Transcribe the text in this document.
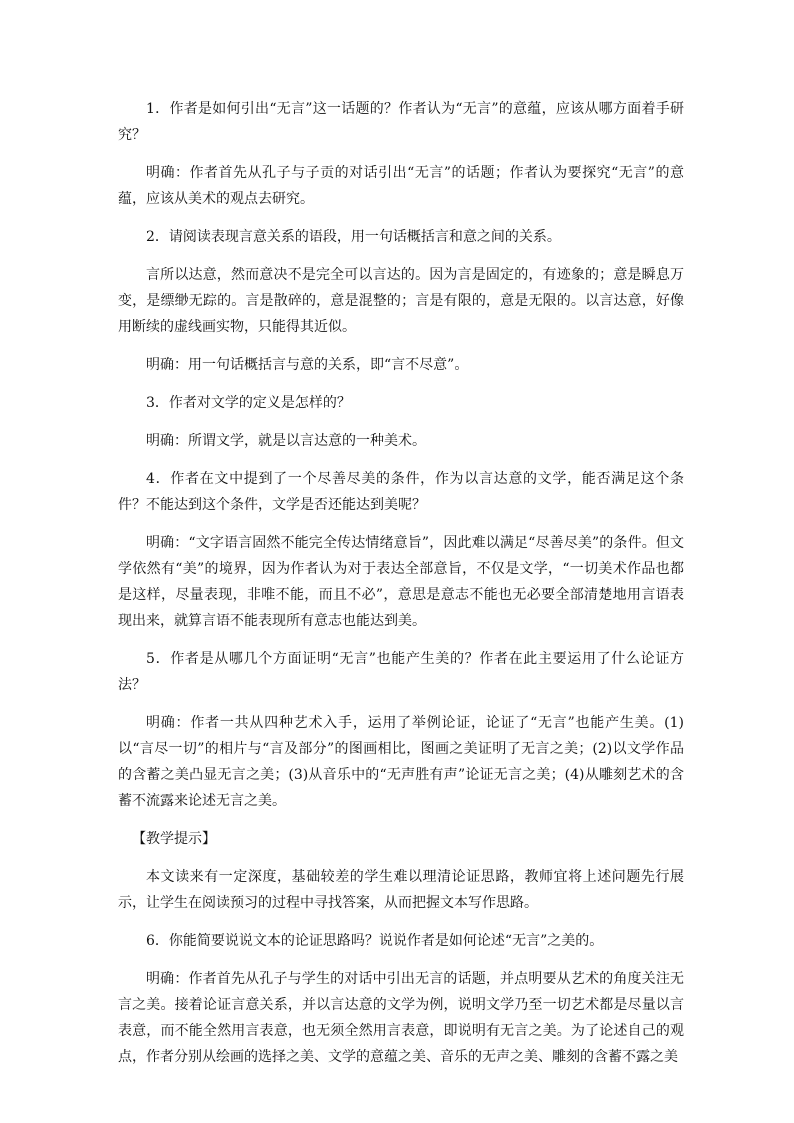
1．作者是如何引出“无言”这一话题的？作者认为“无言”的意蕴，应该从哪方面着手研究？

明确：作者首先从孔子与子贡的对话引出“无言”的话题；作者认为要探究“无言”的意蕴，应该从美术的观点去研究。

2．请阅读表现言意关系的语段，用一句话概括言和意之间的关系。

言所以达意，然而意决不是完全可以言达的。因为言是固定的，有迹象的；意是瞬息万变，是缥缈无踪的。言是散碎的，意是混整的；言是有限的，意是无限的。以言达意，好像用断续的虚线画实物，只能得其近似。

明确：用一句话概括言与意的关系，即“言不尽意”。

3．作者对文学的定义是怎样的？

明确：所谓文学，就是以言达意的一种美术。

4．作者在文中提到了一个尽善尽美的条件，作为以言达意的文学，能否满足这个条件？不能达到这个条件，文学是否还能达到美呢？

明确：“文字语言固然不能完全传达情绪意旨”，因此难以满足“尽善尽美”的条件。但文学依然有“美”的境界，因为作者认为对于表达全部意旨，不仅是文学，“一切美术作品也都是这样，尽量表现，非唯不能，而且不必”，意思是意志不能也无必要全部清楚地用言语表现出来，就算言语不能表现所有意志也能达到美。

5．作者是从哪几个方面证明“无言”也能产生美的？作者在此主要运用了什么论证方法？

明确：作者一共从四种艺术入手，运用了举例论证，论证了“无言”也能产生美。(1)以“言尽一切”的相片与“言及部分”的图画相比，图画之美证明了无言之美；(2)以文学作品的含蓄之美凸显无言之美；(3)从音乐中的“无声胜有声”论证无言之美；(4)从雕刻艺术的含蓄不流露来论述无言之美。

【教学提示】

本文读来有一定深度，基础较差的学生难以理清论证思路，教师宜将上述问题先行展示，让学生在阅读预习的过程中寻找答案，从而把握文本写作思路。

6．你能简要说说文本的论证思路吗？说说作者是如何论述“无言”之美的。

明确：作者首先从孔子与学生的对话中引出无言的话题，并点明要从艺术的角度关注无言之美。接着论证言意关系，并以言达意的文学为例，说明文学乃至一切艺术都是尽量以言表意，而不能全然用言表意，也无须全然用言表意，即说明有无言之美。为了论述自己的观点，作者分别从绘画的选择之美、文学的意蕴之美、音乐的无声之美、雕刻的含蓄不露之美
